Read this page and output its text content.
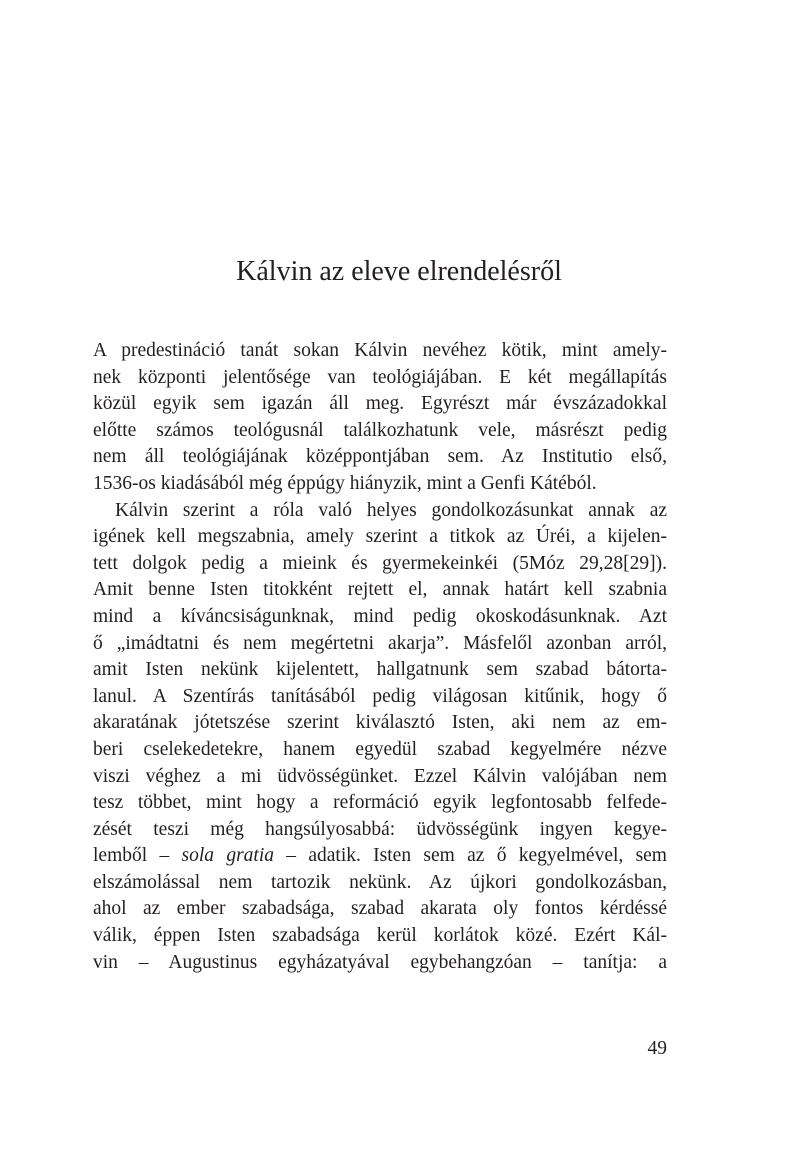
Kálvin az eleve elrendelésről
A predestináció tanát sokan Kálvin nevéhez kötik, mint amely-
nek központi jelentősége van teológiájában. E két megállapítás
közül egyik sem igazán áll meg. Egyrészt már évszázadokkal
előtte számos teológusnál találkozhatunk vele, másrészt pedig
nem áll teológiájának középpontjában sem. Az Institutio első,
1536-os kiadásából még éppúgy hiányzik, mint a Genfi Kátéból.
Kálvin szerint a róla való helyes gondolkozásunkat annak az
igének kell megszabnia, amely szerint a titkok az Úréi, a kijelen-
tett dolgok pedig a mieink és gyermekeinkéi (5Móz 29,28[29]).
Amit benne Isten titokként rejtett el, annak határt kell szabnia
mind a kíváncsiságunknak, mind pedig okoskodásunknak. Azt
ő „imádtatni és nem megértetni akarja”. Másfelől azonban arról,
amit Isten nekünk kijelentett, hallgatnunk sem szabad bátorta-
lanul. A Szentírás tanításából pedig világosan kitűnik, hogy ő
akaratának jótetszése szerint kiválasztó Isten, aki nem az em-
beri cselekedetekre, hanem egyedül szabad kegyelmére nézve
viszi véghez a mi üdvösségünket. Ezzel Kálvin valójában nem
tesz többet, mint hogy a reformáció egyik legfontosabb felfede-
zését teszi még hangsúlyosabbá: üdvösségünk ingyen kegye-
lemből – sola gratia – adatik. Isten sem az ő kegyelmével, sem
elszámolással nem tartozik nekünk. Az újkori gondolkozásban,
ahol az ember szabadsága, szabad akarata oly fontos kérdéssé
válik, éppen Isten szabadsága kerül korlátok közé. Ezért Kál-
vin – Augustinus egyházatyával egybehangzóan – tanítja: a
49
